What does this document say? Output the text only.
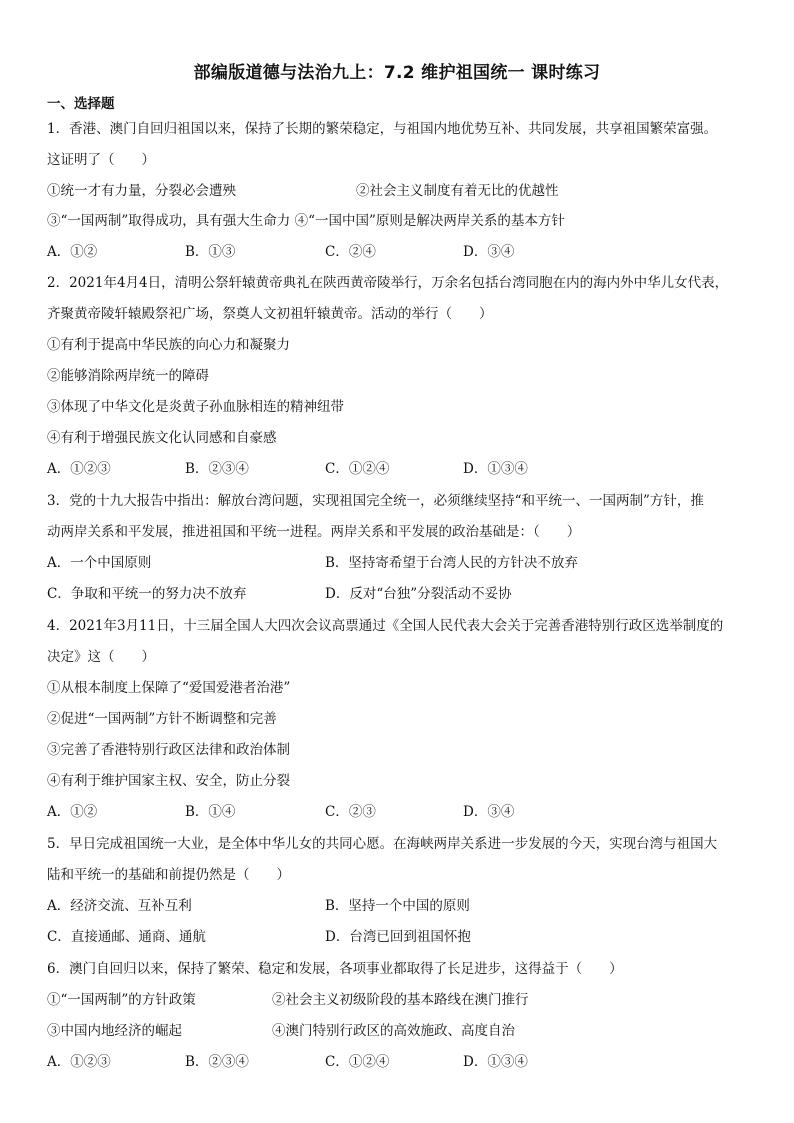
部编版道德与法治九上：7.2 维护祖国统一 课时练习
一、选择题
1．香港、澳门自回归祖国以来，保持了长期的繁荣稳定，与祖国内地优势互补、共同发展，共享祖国繁荣富强。
这证明了（　　）
①统一才有力量，分裂必会遭殃	②社会主义制度有着无比的优越性
③“一国两制”取得成功，具有强大生命力 ④“一国中国”原则是解决两岸关系的基本方针
A．①②	B．①③	C．②④	D．③④
2．2021年4月4日，清明公祭轩辕黄帝典礼在陕西黄帝陵举行，万余名包括台湾同胞在内的海内外中华儿女代表，
齐聚黄帝陵轩辕殿祭祀广场，祭奠人文初祖轩辕黄帝。活动的举行（　　）
①有利于提高中华民族的向心力和凝聚力
②能够消除两岸统一的障碍
③体现了中华文化是炎黄子孙血脉相连的精神纽带
④有利于增强民族文化认同感和自豪感
A．①②③	B．②③④	C．①②④	D．①③④
3．党的十九大报告中指出：解放台湾问题，实现祖国完全统一，必须继续坚持“和平统一、一国两制”方针，推
动两岸关系和平发展，推进祖国和平统一进程。两岸关系和平发展的政治基础是：（　　）
A．一个中国原则	B．坚持寄希望于台湾人民的方针决不放弃
C．争取和平统一的努力决不放弃	D．反对“台独”分裂活动不妥协
4．2021年3月11日，十三届全国人大四次会议高票通过《全国人民代表大会关于完善香港特别行政区选举制度的
决定》这（　　）
①从根本制度上保障了“爱国爱港者治港”
②促进“一国两制”方针不断调整和完善
③完善了香港特别行政区法律和政治体制
④有利于维护国家主权、安全，防止分裂
A．①②	B．①④	C．②③	D．③④
5．早日完成祖国统一大业，是全体中华儿女的共同心愿。在海峡两岸关系进一步发展的今天，实现台湾与祖国大
陆和平统一的基础和前提仍然是（　　）
A．经济交流、互补互利	B．坚持一个中国的原则
C．直接通邮、通商、通航	D．台湾已回到祖国怀抱
6．澳门自回归以来，保持了繁荣、稳定和发展，各项事业都取得了长足进步，这得益于（　　）
①“一国两制”的方针政策	②社会主义初级阶段的基本路线在澳门推行
③中国内地经济的崛起	④澳门特别行政区的高效施政、高度自治
A．①②③	B．②③④	C．①②④	D．①③④
